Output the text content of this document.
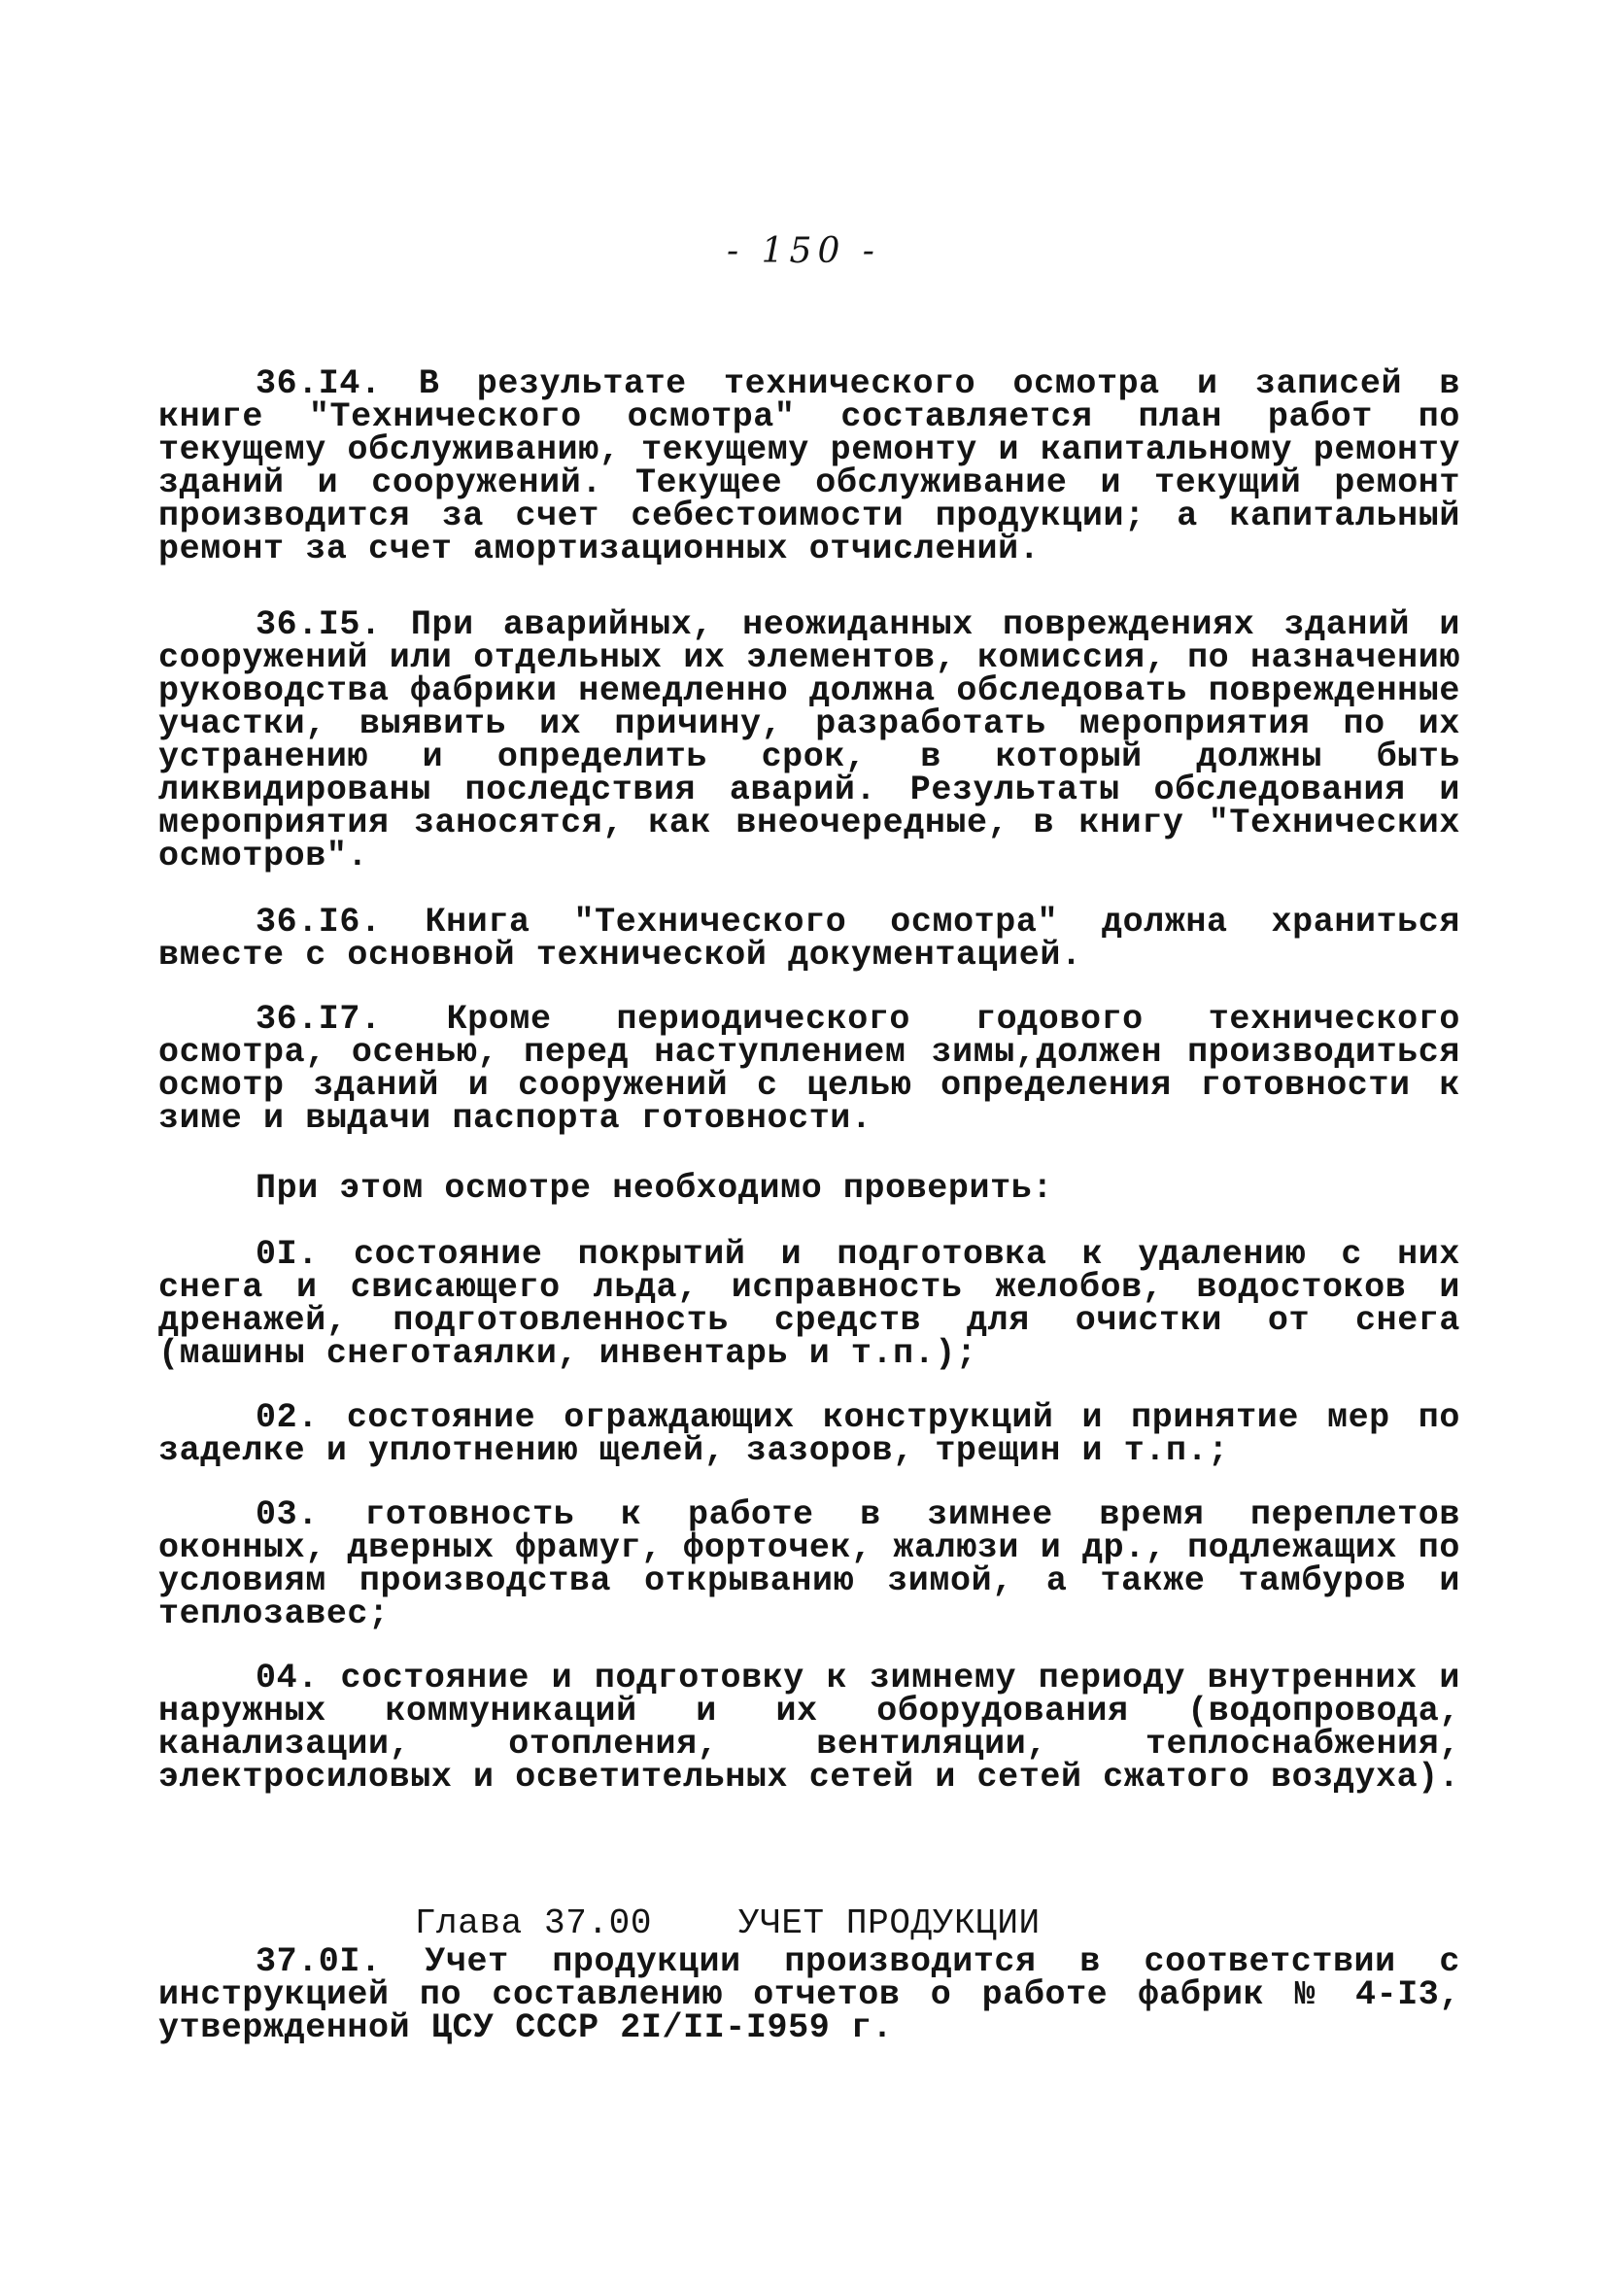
- 150 -

36.I4. В результате технического осмотра и записей в книге "Технического осмотра" составляется план работ по текущему обслуживанию, текущему ремонту и капитальному ремонту зданий и сооружений. Текущее обслуживание и текущий ремонт производится за счет себестоимости продукции; а капитальный ремонт за счет амортизационных отчислений.

36.I5. При аварийных, неожиданных повреждениях зданий и сооружений или отдельных их элементов, комиссия, по назначению руководства фабрики немедленно должна обследовать поврежденные участки, выявить их причину, разработать мероприятия по их устранению и определить срок, в который должны быть ликвидированы последствия аварий. Результаты обследования и мероприятия заносятся, как внеочередные, в книгу "Технических осмотров".

36.I6. Книга "Технического осмотра" должна храниться вместе с основной технической документацией.

36.I7. Кроме периодического годового технического осмотра, осенью, перед наступлением зимы,должен производиться осмотр зданий и сооружений с целью определения готовности к зиме и выдачи паспорта готовности.

При этом осмотре необходимо проверить:

0I. состояние покрытий и подготовка к удалению с них снега и свисающего льда, исправность желобов, водостоков и дренажей, подготовленность средств для очистки от снега (машины снеготаялки, инвентарь и т.п.);

02. состояние ограждающих конструкций и принятие мер по заделке и уплотнению щелей, зазоров, трещин и т.п.;

03. готовность к работе в зимнее время переплетов оконных, дверных фрамуг, форточек, жалюзи и др., подлежащих по условиям производства открыванию зимой, а также тамбуров и теплозавес;

04. состояние и подготовку к зимнему периоду внутренних и наружных коммуникаций и их оборудования (водопровода, канализации, отопления, вентиляции, теплоснабжения, электросиловых и осветительных сетей и сетей сжатого воздуха).

Глава 37.00 УЧЕТ ПРОДУКЦИИ

37.0I. Учет продукции производится в соответствии с инструкцией по составлению отчетов о работе фабрик № 4-I3, утвержденной ЦСУ СССР 2I/II-I959 г.
